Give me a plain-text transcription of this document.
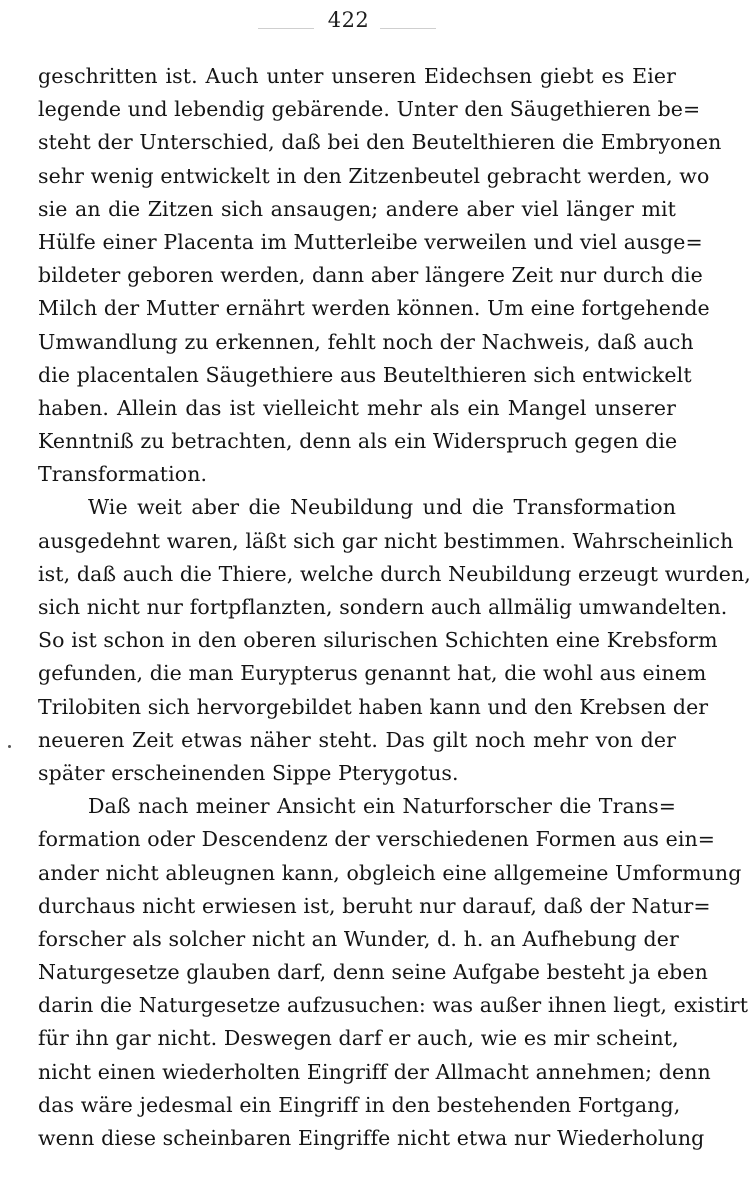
422
geschritten ist. Auch unter unseren Eidechsen giebt es Eier
legende und lebendig gebärende. Unter den Säugethieren be=
steht der Unterschied, daß bei den Beutelthieren die Embryonen
sehr wenig entwickelt in den Zitzenbeutel gebracht werden, wo
sie an die Zitzen sich ansaugen; andere aber viel länger mit
Hülfe einer Placenta im Mutterleibe verweilen und viel ausge=
bildeter geboren werden, dann aber längere Zeit nur durch die
Milch der Mutter ernährt werden können. Um eine fortgehende
Umwandlung zu erkennen, fehlt noch der Nachweis, daß auch
die placentalen Säugethiere aus Beutelthieren sich entwickelt
haben. Allein das ist vielleicht mehr als ein Mangel unserer
Kenntniß zu betrachten, denn als ein Widerspruch gegen die
Transformation.
Wie weit aber die Neubildung und die Transformation
ausgedehnt waren, läßt sich gar nicht bestimmen. Wahrscheinlich
ist, daß auch die Thiere, welche durch Neubildung erzeugt wurden,
sich nicht nur fortpflanzten, sondern auch allmälig umwandelten.
So ist schon in den oberen silurischen Schichten eine Krebsform
gefunden, die man Eurypterus genannt hat, die wohl aus einem
Trilobiten sich hervorgebildet haben kann und den Krebsen der
neueren Zeit etwas näher steht. Das gilt noch mehr von der
später erscheinenden Sippe Pterygotus.
Daß nach meiner Ansicht ein Naturforscher die Trans=
formation oder Descendenz der verschiedenen Formen aus ein=
ander nicht ableugnen kann, obgleich eine allgemeine Umformung
durchaus nicht erwiesen ist, beruht nur darauf, daß der Natur=
forscher als solcher nicht an Wunder, d. h. an Aufhebung der
Naturgesetze glauben darf, denn seine Aufgabe besteht ja eben
darin die Naturgesetze aufzusuchen: was außer ihnen liegt, existirt
für ihn gar nicht. Deswegen darf er auch, wie es mir scheint,
nicht einen wiederholten Eingriff der Allmacht annehmen; denn
das wäre jedesmal ein Eingriff in den bestehenden Fortgang,
wenn diese scheinbaren Eingriffe nicht etwa nur Wiederholung
